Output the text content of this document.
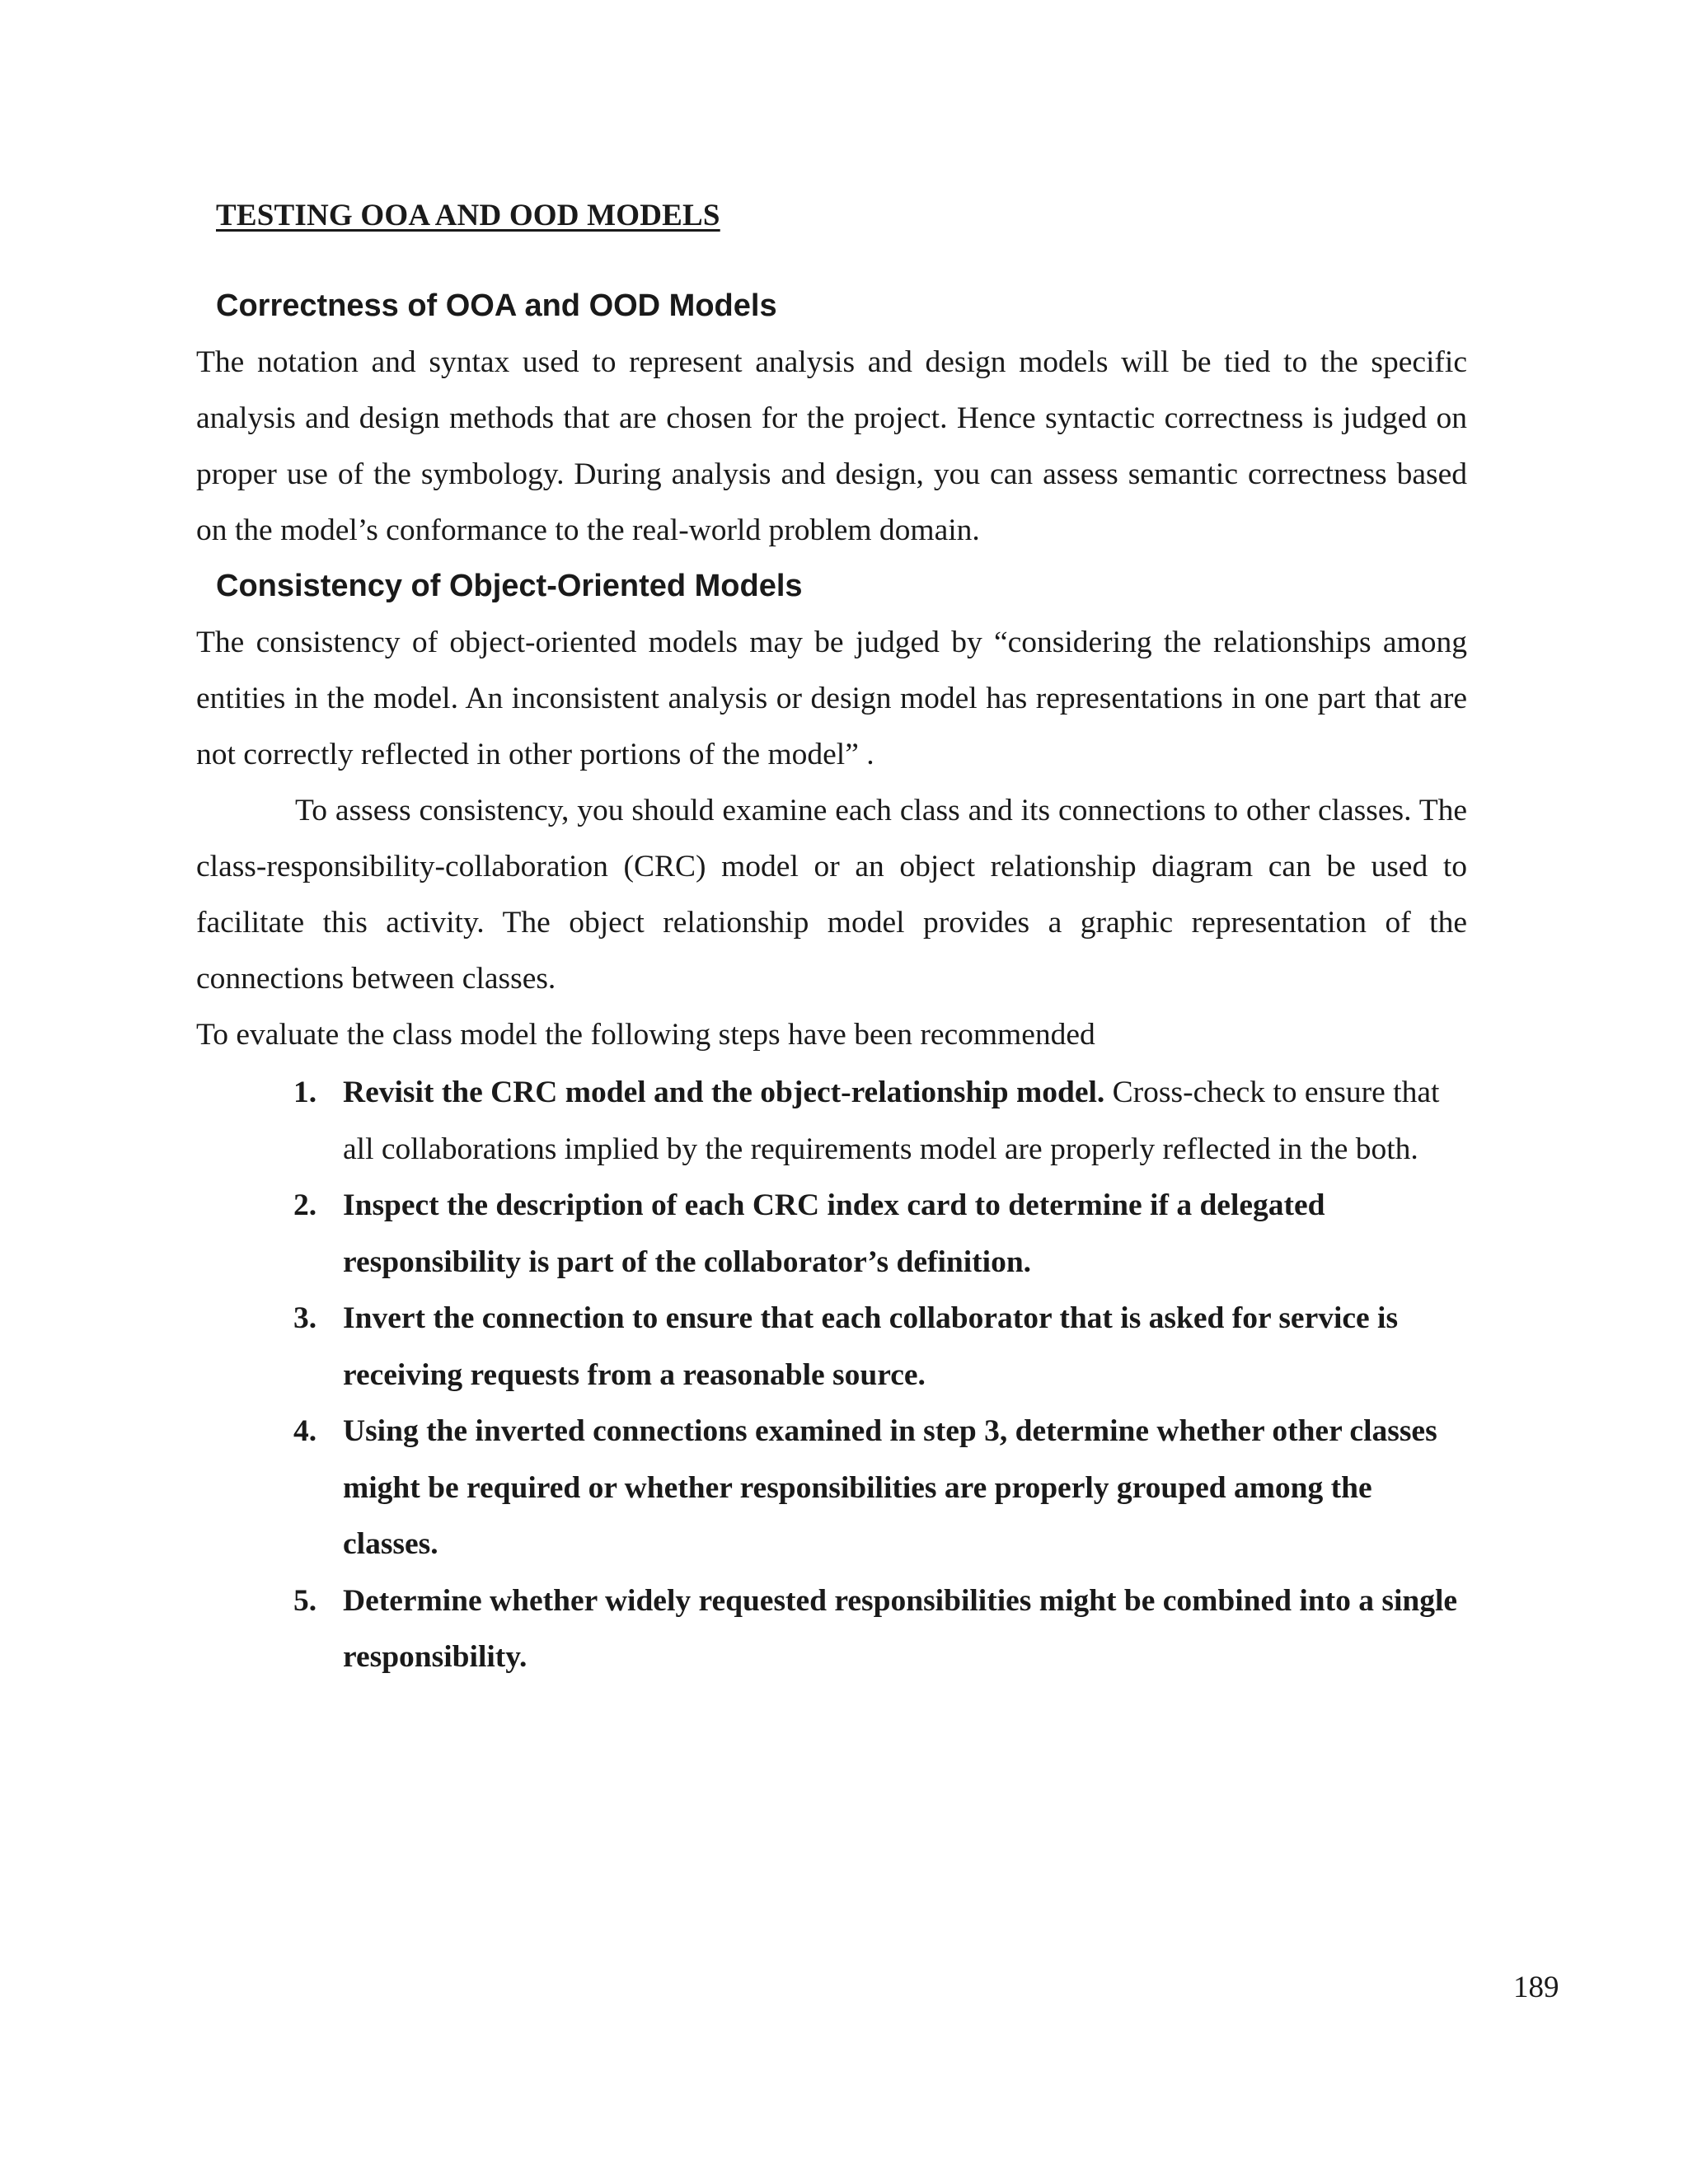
TESTING OOA AND OOD MODELS
Correctness of OOA and OOD Models

The notation and syntax used to represent analysis and design models will be tied to the specific analysis and design methods that are chosen for the project. Hence syntactic correctness is judged on proper use of the symbology. During analysis and design, you can assess semantic correctness based on the model’s conformance to the real-world problem domain.

Consistency of Object-Oriented Models

The consistency of object-oriented models may be judged by “considering the relationships among entities in the model. An inconsistent analysis or design model has representations in one part that are not correctly reflected in other portions of the model” .

To assess consistency, you should examine each class and its connections to other classes. The class-responsibility-collaboration (CRC) model or an object relationship diagram can be used to facilitate this activity. The object relationship model provides a graphic representation of the connections between classes.

To evaluate the class model the following steps have been recommended

1. Revisit the CRC model and the object-relationship model. Cross-check to ensure that all collaborations implied by the requirements model are properly reflected in the both.
2. Inspect the description of each CRC index card to determine if a delegated responsibility is part of the collaborator’s definition.
3. Invert the connection to ensure that each collaborator that is asked for service is receiving requests from a reasonable source.
4. Using the inverted connections examined in step 3, determine whether other classes might be required or whether responsibilities are properly grouped among the classes.
5. Determine whether widely requested responsibilities might be combined into a single responsibility.

189
